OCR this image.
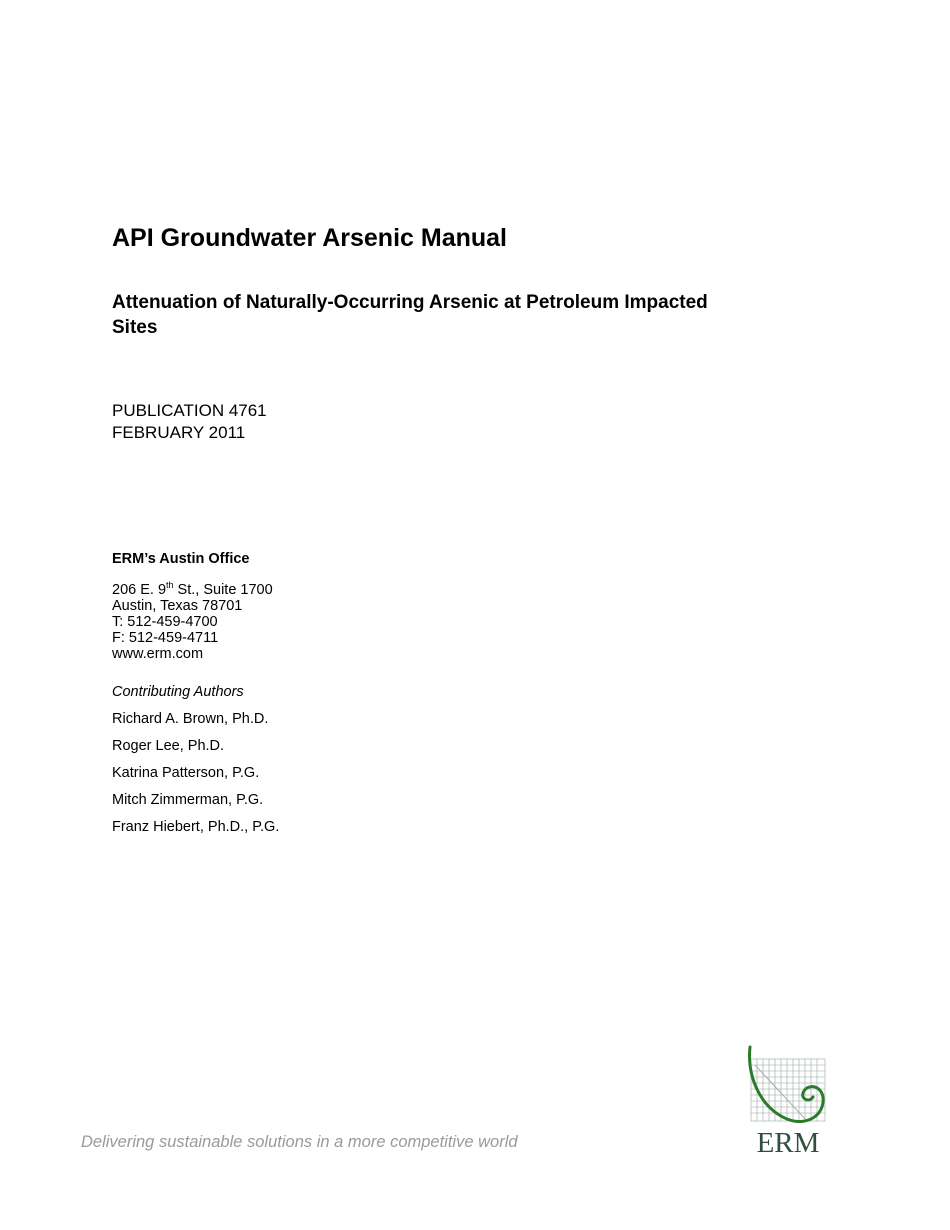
API Groundwater Arsenic Manual
Attenuation of Naturally-Occurring Arsenic at Petroleum Impacted Sites
PUBLICATION 4761
FEBRUARY 2011
ERM’s Austin Office
206 E. 9th St., Suite 1700
Austin, Texas 78701
T: 512-459-4700
F: 512-459-4711
www.erm.com
Contributing Authors
Richard A. Brown, Ph.D.
Roger Lee, Ph.D.
Katrina Patterson, P.G.
Mitch Zimmerman, P.G.
Franz Hiebert, Ph.D., P.G.
Delivering sustainable solutions in a more competitive world	ERM
